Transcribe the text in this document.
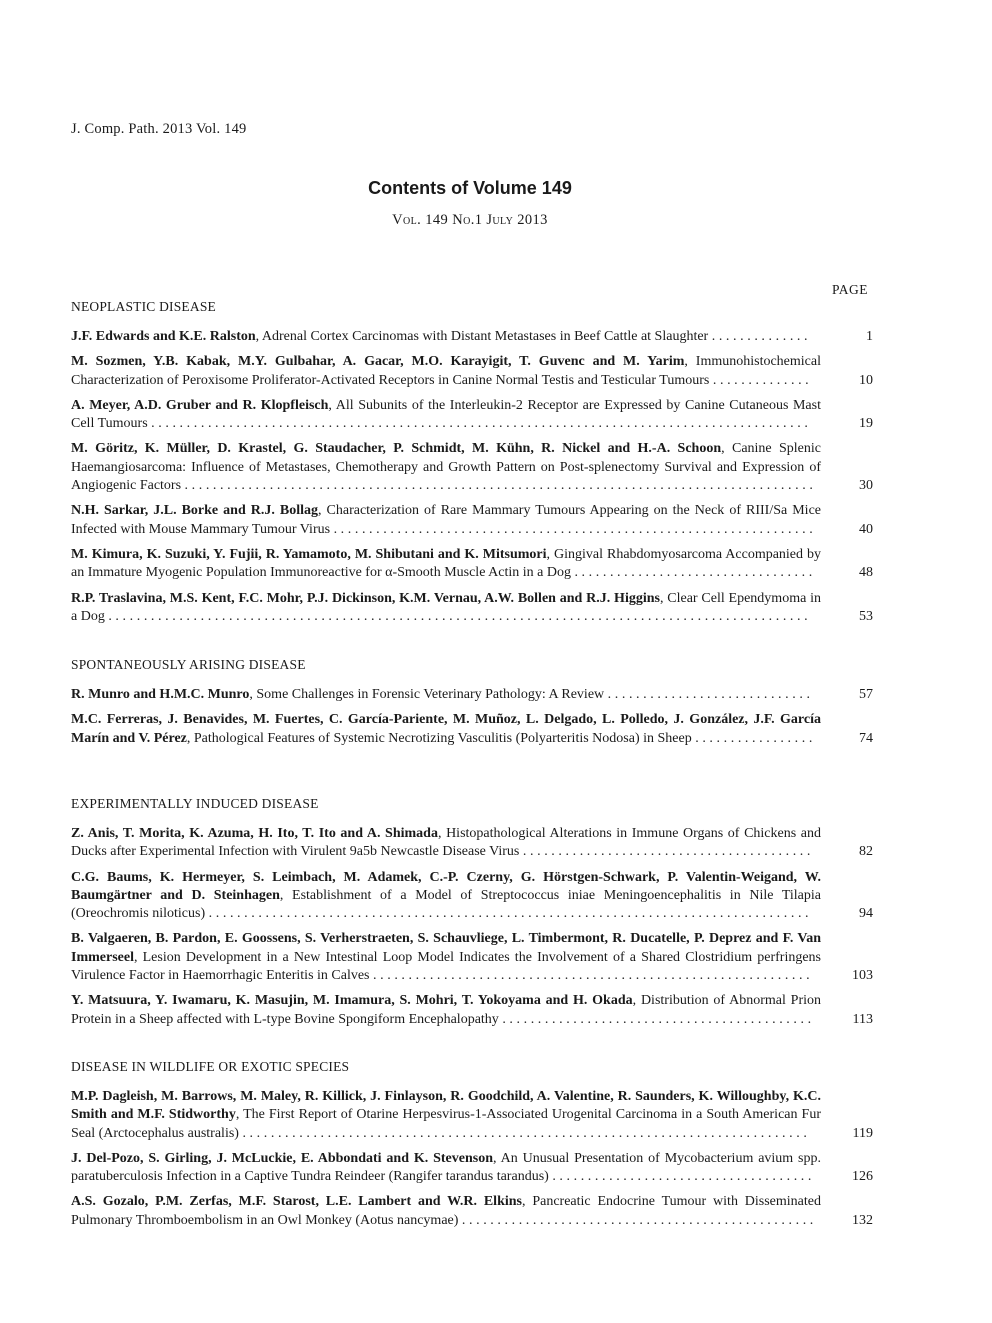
J. Comp. Path. 2013 Vol. 149
Contents of Volume 149
Vol. 149 No.1 July 2013
PAGE
NEOPLASTIC DISEASE
J.F. Edwards and K.E. Ralston, Adrenal Cortex Carcinomas with Distant Metastases in Beef Cattle at Slaughter ..............	1
M. Sozmen, Y.B. Kabak, M.Y. Gulbahar, A. Gacar, M.O. Karayigit, T. Guvenc and M. Yarim, Immunohistochemical Characterization of Peroxisome Proliferator-Activated Receptors in Canine Normal Testis and Testicular Tumours ..............	10
A. Meyer, A.D. Gruber and R. Klopfleisch, All Subunits of the Interleukin-2 Receptor are Expressed by Canine Cutaneous Mast Cell Tumours .............................................................................................	19
M. Göritz, K. Müller, D. Krastel, G. Staudacher, P. Schmidt, M. Kühn, R. Nickel and H.-A. Schoon, Canine Splenic Haemangiosarcoma: Influence of Metastases, Chemotherapy and Growth Pattern on Post-splenectomy Survival and Expression of Angiogenic Factors .........................................................................................	30
N.H. Sarkar, J.L. Borke and R.J. Bollag, Characterization of Rare Mammary Tumours Appearing on the Neck of RIII/Sa Mice Infected with Mouse Mammary Tumour Virus ....................................................................	40
M. Kimura, K. Suzuki, Y. Fujii, R. Yamamoto, M. Shibutani and K. Mitsumori, Gingival Rhabdomyosarcoma Accompanied by an Immature Myogenic Population Immunoreactive for α-Smooth Muscle Actin in a Dog ..................................	48
R.P. Traslavina, M.S. Kent, F.C. Mohr, P.J. Dickinson, K.M. Vernau, A.W. Bollen and R.J. Higgins, Clear Cell Ependymoma in a Dog ...................................................................................................	53
SPONTANEOUSLY ARISING DISEASE
R. Munro and H.M.C. Munro, Some Challenges in Forensic Veterinary Pathology: A Review .............................	57
M.C. Ferreras, J. Benavides, M. Fuertes, C. García-Pariente, M. Muñoz, L. Delgado, L. Polledo, J. González, J.F. García Marín and V. Pérez, Pathological Features of Systemic Necrotizing Vasculitis (Polyarteritis Nodosa) in Sheep .................	74
EXPERIMENTALLY INDUCED DISEASE
Z. Anis, T. Morita, K. Azuma, H. Ito, T. Ito and A. Shimada, Histopathological Alterations in Immune Organs of Chickens and Ducks after Experimental Infection with Virulent 9a5b Newcastle Disease Virus .........................................	82
C.G. Baums, K. Hermeyer, S. Leimbach, M. Adamek, C.-P. Czerny, G. Hörstgen-Schwark, P. Valentin-Weigand, W. Baumgärtner and D. Steinhagen, Establishment of a Model of Streptococcus iniae Meningoencephalitis in Nile Tilapia (Oreochromis niloticus) .....................................................................................	94
B. Valgaeren, B. Pardon, E. Goossens, S. Verherstraeten, S. Schauvliege, L. Timbermont, R. Ducatelle, P. Deprez and F. Van Immerseel, Lesion Development in a New Intestinal Loop Model Indicates the Involvement of a Shared Clostridium perfringens Virulence Factor in Haemorrhagic Enteritis in Calves ..............................................................	103
Y. Matsuura, Y. Iwamaru, K. Masujin, M. Imamura, S. Mohri, T. Yokoyama and H. Okada, Distribution of Abnormal Prion Protein in a Sheep affected with L-type Bovine Spongiform Encephalopathy ............................................	113
DISEASE IN WILDLIFE OR EXOTIC SPECIES
M.P. Dagleish, M. Barrows, M. Maley, R. Killick, J. Finlayson, R. Goodchild, A. Valentine, R. Saunders, K. Willoughby, K.C. Smith and M.F. Stidworthy, The First Report of Otarine Herpesvirus-1-Associated Urogenital Carcinoma in a South American Fur Seal (Arctocephalus australis) ................................................................................	119
J. Del-Pozo, S. Girling, J. McLuckie, E. Abbondati and K. Stevenson, An Unusual Presentation of Mycobacterium avium spp. paratuberculosis Infection in a Captive Tundra Reindeer (Rangifer tarandus tarandus) .....................................	126
A.S. Gozalo, P.M. Zerfas, M.F. Starost, L.E. Lambert and W.R. Elkins, Pancreatic Endocrine Tumour with Disseminated Pulmonary Thromboembolism in an Owl Monkey (Aotus nancymae) ..................................................	132
